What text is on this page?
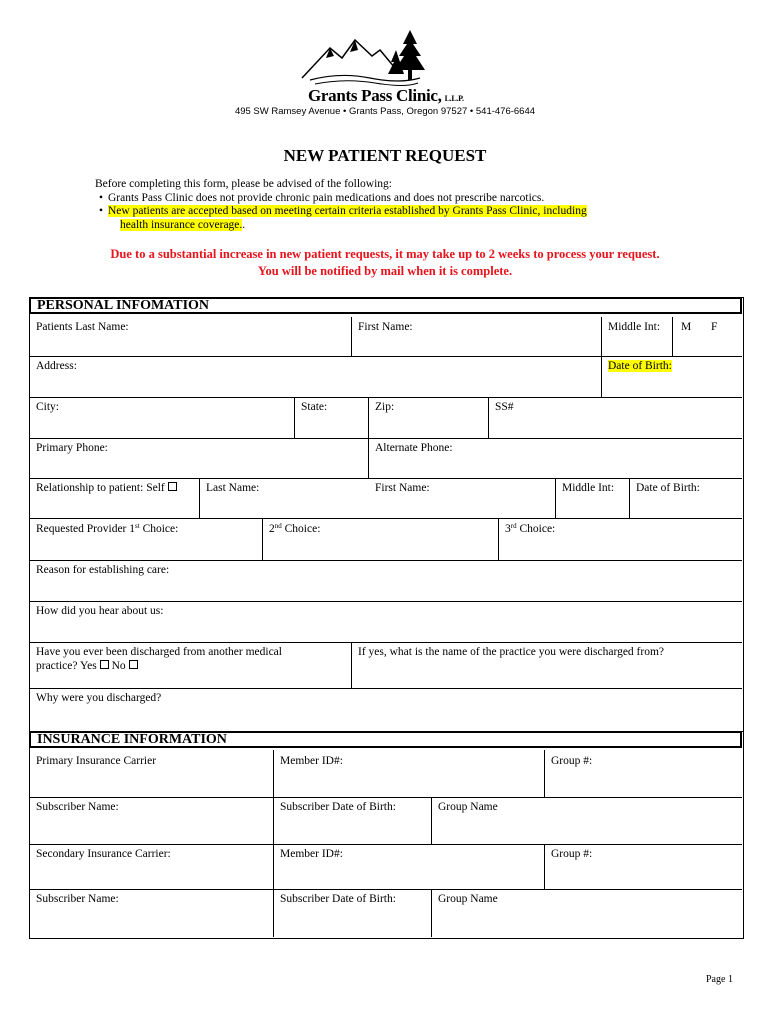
Grants Pass Clinic, L.L.P.
495 SW Ramsey Avenue • Grants Pass, Oregon 97527 • 541-476-6644
NEW PATIENT REQUEST
Before completing this form, please be advised of the following:
• Grants Pass Clinic does not provide chronic pain medications and does not prescribe narcotics.
• New patients are accepted based on meeting certain criteria established by Grants Pass Clinic, including
health insurance coverage..
Due to a substantial increase in new patient requests, it may take up to 2 weeks to process your request.
You will be notified by mail when it is complete.
PERSONAL INFOMATION
Patients Last Name:	First Name:	Middle Int:	M	F
Address:	Date of Birth:
City:	State:	Zip:	SS#
Primary Phone:	Alternate Phone:
Relationship to patient: Self	Last Name:	First Name:	Middle Int:	Date of Birth:
Requested Provider 1st Choice:	2nd Choice:	3rd Choice:
Reason for establishing care:
How did you hear about us:
Have you ever been discharged from another medical
practice? Yes No
If yes, what is the name of the practice you were discharged from?
Why were you discharged?
INSURANCE INFORMATION
Primary Insurance Carrier	Member ID#:	Group #:
Subscriber Name:	Subscriber Date of Birth:	Group Name
Secondary Insurance Carrier:	Member ID#:	Group #:
Subscriber Name:	Subscriber Date of Birth:	Group Name
Page 1
